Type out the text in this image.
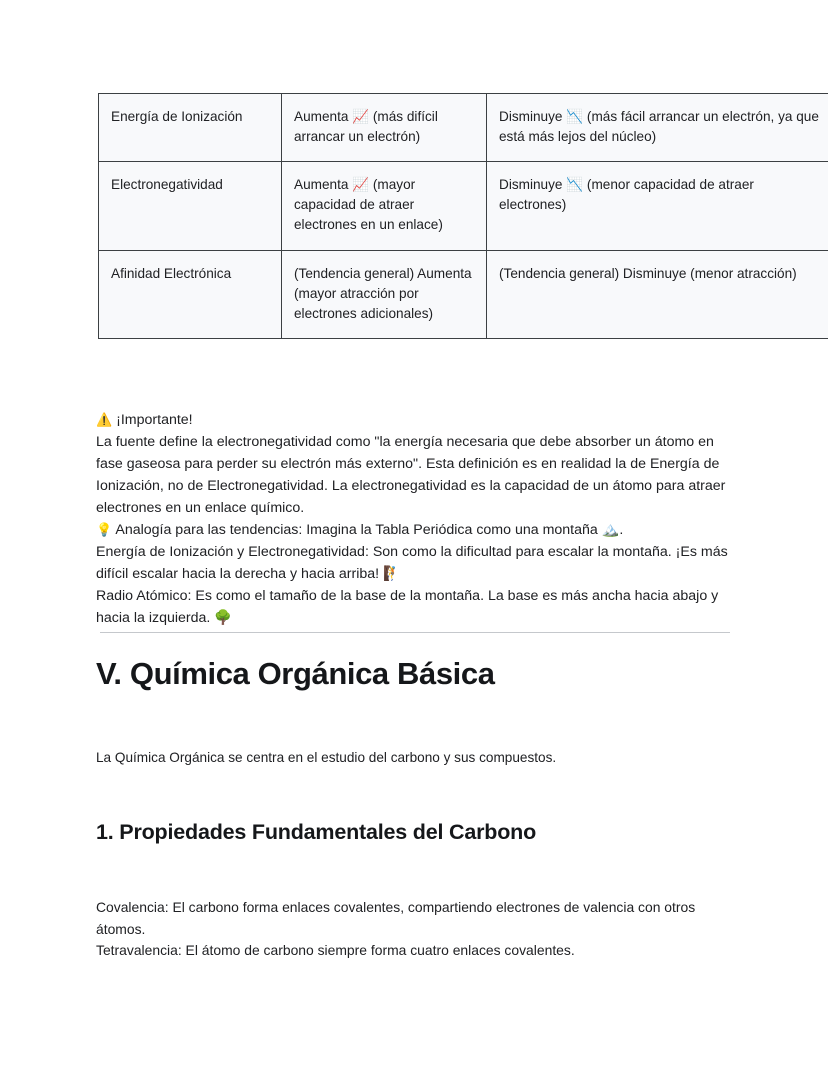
Energía de Ionización	Aumenta 📈 (más difícil arrancar un electrón)	Disminuye 📉 (más fácil arrancar un electrón, ya que está más lejos del núcleo)
Electronegatividad	Aumenta 📈 (mayor capacidad de atraer electrones en un enlace)	Disminuye 📉 (menor capacidad de atraer electrones)
Afinidad Electrónica	(Tendencia general) Aumenta (mayor atracción por electrones adicionales)	(Tendencia general) Disminuye (menor atracción)

⚠️ ¡Importante!

La fuente define la electronegatividad como "la energía necesaria que debe absorber un átomo en fase gaseosa para perder su electrón más externo". Esta definición es en realidad la de Energía de Ionización, no de Electronegatividad. La electronegatividad es la capacidad de un átomo para atraer electrones en un enlace químico.

💡 Analogía para las tendencias: Imagina la Tabla Periódica como una montaña 🏔️.

Energía de Ionización y Electronegatividad: Son como la dificultad para escalar la montaña. ¡Es más difícil escalar hacia la derecha y hacia arriba! 🧗

Radio Atómico: Es como el tamaño de la base de la montaña. La base es más ancha hacia abajo y hacia la izquierda. 🌳

V. Química Orgánica Básica

La Química Orgánica se centra en el estudio del carbono y sus compuestos.

1. Propiedades Fundamentales del Carbono

Covalencia: El carbono forma enlaces covalentes, compartiendo electrones de valencia con otros átomos.

Tetravalencia: El átomo de carbono siempre forma cuatro enlaces covalentes.
